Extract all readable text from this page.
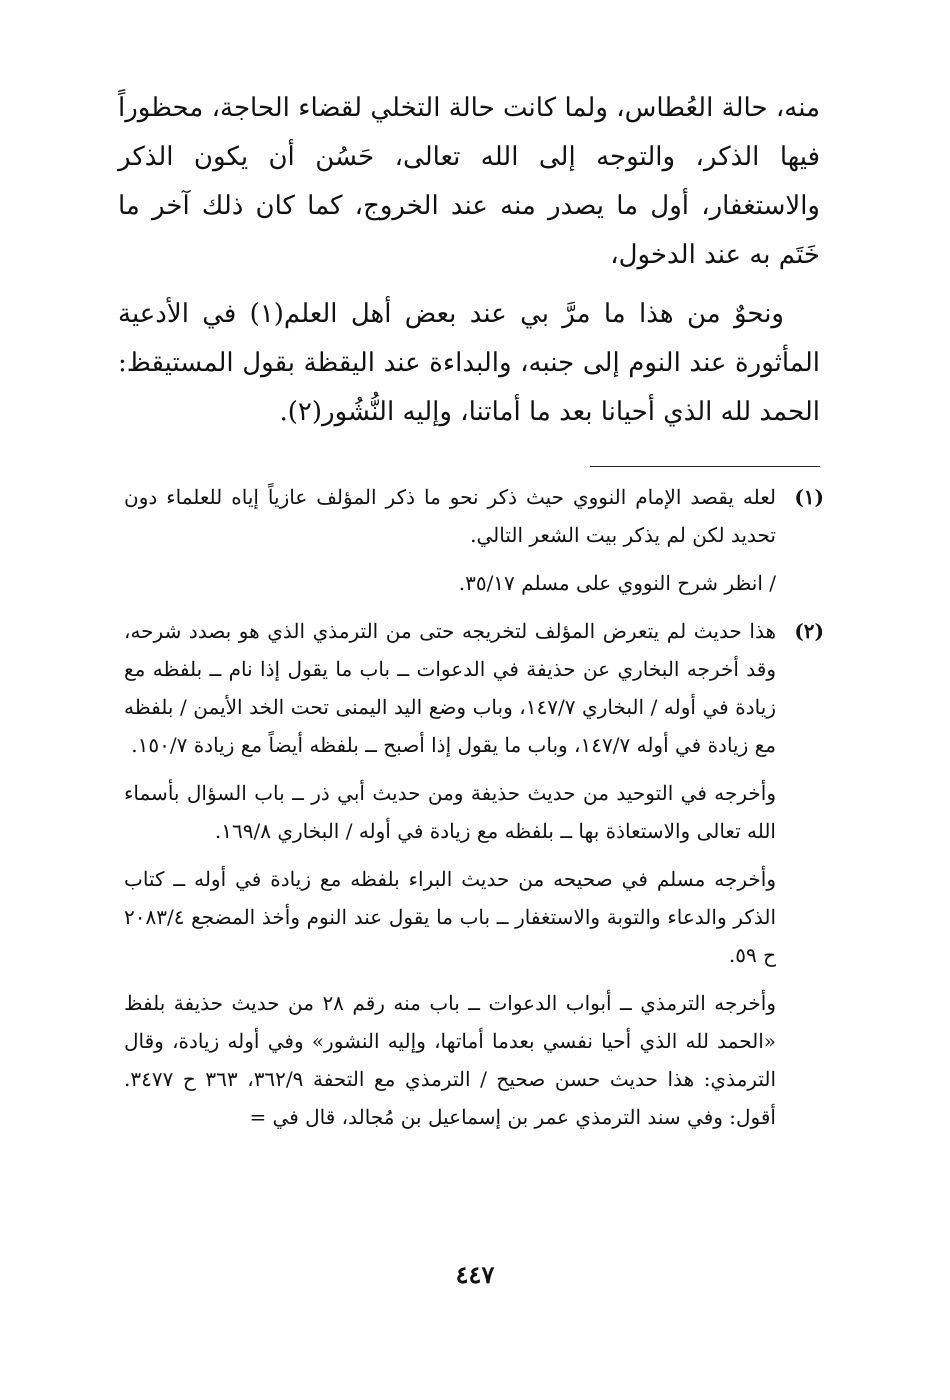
منه، حالة العُطاس، ولما كانت حالة التخلي لقضاء الحاجة، محظوراً فيها الذكر، والتوجه إلى الله تعالى، حَسُن أن يكون الذكر والاستغفار، أول ما يصدر منه عند الخروج، كما كان ذلك آخر ما خَتَم به عند الدخول،

ونحوٌ من هذا ما مرَّ بي عند بعض أهل العلم(١) في الأدعية المأثورة عند النوم إلى جنبه، والبداءة عند اليقظة بقول المستيقظ: الحمد لله الذي أحيانا بعد ما أماتنا، وإليه النُّشُور(٢).

(١)

لعله يقصد الإمام النووي حيث ذكر نحو ما ذكر المؤلف عازياً إياه للعلماء دون تحديد لكن لم يذكر بيت الشعر التالي.

/ انظر شرح النووي على مسلم ٣٥/١٧.

(٢)

هذا حديث لم يتعرض المؤلف لتخريجه حتى من الترمذي الذي هو بصدد شرحه، وقد أخرجه البخاري عن حذيفة في الدعوات ــ باب ما يقول إذا نام ــ بلفظه مع زيادة في أوله / البخاري ١٤٧/٧، وباب وضع اليد اليمنى تحت الخد الأيمن / بلفظه مع زيادة في أوله ١٤٧/٧، وباب ما يقول إذا أصبح ــ بلفظه أيضاً مع زيادة ١٥٠/٧.

وأخرجه في التوحيد من حديث حذيفة ومن حديث أبي ذر ــ باب السؤال بأسماء الله تعالى والاستعاذة بها ــ بلفظه مع زيادة في أوله / البخاري ١٦٩/٨.

وأخرجه مسلم في صحيحه من حديث البراء بلفظه مع زيادة في أوله ــ كتاب الذكر والدعاء والتوبة والاستغفار ــ باب ما يقول عند النوم وأخذ المضجع ٢٠٨٣/٤ ح ٥٩.

وأخرجه الترمذي ــ أبواب الدعوات ــ باب منه رقم ٢٨ من حديث حذيفة بلفظ «الحمد لله الذي أحيا نفسي بعدما أماتها، وإليه النشور» وفي أوله زيادة، وقال الترمذي: هذا حديث حسن صحيح / الترمذي مع التحفة ٣٦٢/٩، ٣٦٣ ح ٣٤٧٧. أقول: وفي سند الترمذي عمر بن إسماعيل بن مُجالد، قال في =

٤٤٧
